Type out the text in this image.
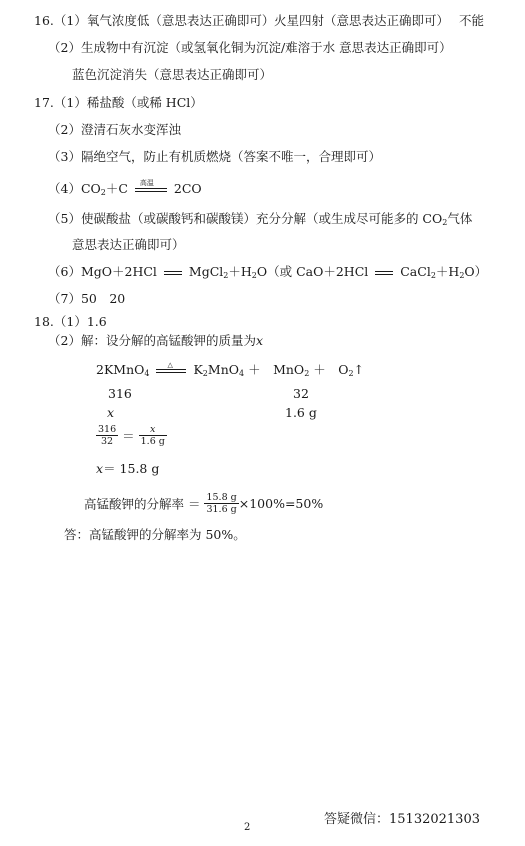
16.（1）氧气浓度低（意思表达正确即可） 火星四射（意思表达正确即可） 不能
（2）生成物中有沉淀（或氢氧化铜为沉淀/难溶于水 意思表达正确即可）
蓝色沉淀消失（意思表达正确即可）
17.（1）稀盐酸（或稀 HCl）
（2）澄清石灰水变浑浊
（3）隔绝空气，防止有机质燃烧（答案不唯一，合理即可）
$(4)CO_2+C$ 高温 2CO
（5）使碳酸盐（或碳酸钙和碳酸镁）充分分解（或生成尽可能多的 $CO_2$气体
意思表达正确即可）
（6）MgO＋2HCl	$MgCl_2+H_2O$（或 CaO＋2HCl	$CaCl_2+H_2O$）
（7）50　20
18.（1）1.6
（2）解：设分解的高锰酸钾的质量为x
2KMnO$_4$
△ $K_2MnO_4$ ＋　MnO$_2$ ＋　$O_2↑$
316	32
x	1.6 g
$\frac{316}{32} = \frac{x}{1.6 g}$
x＝ 15.8 g
高锰酸钾的分解率 ＝ $\frac{15.8 g}{31.6 g} \times 100\%=50\%$
答：高锰酸钾的分解率为 50%。
2
答疑微信：15132021303
